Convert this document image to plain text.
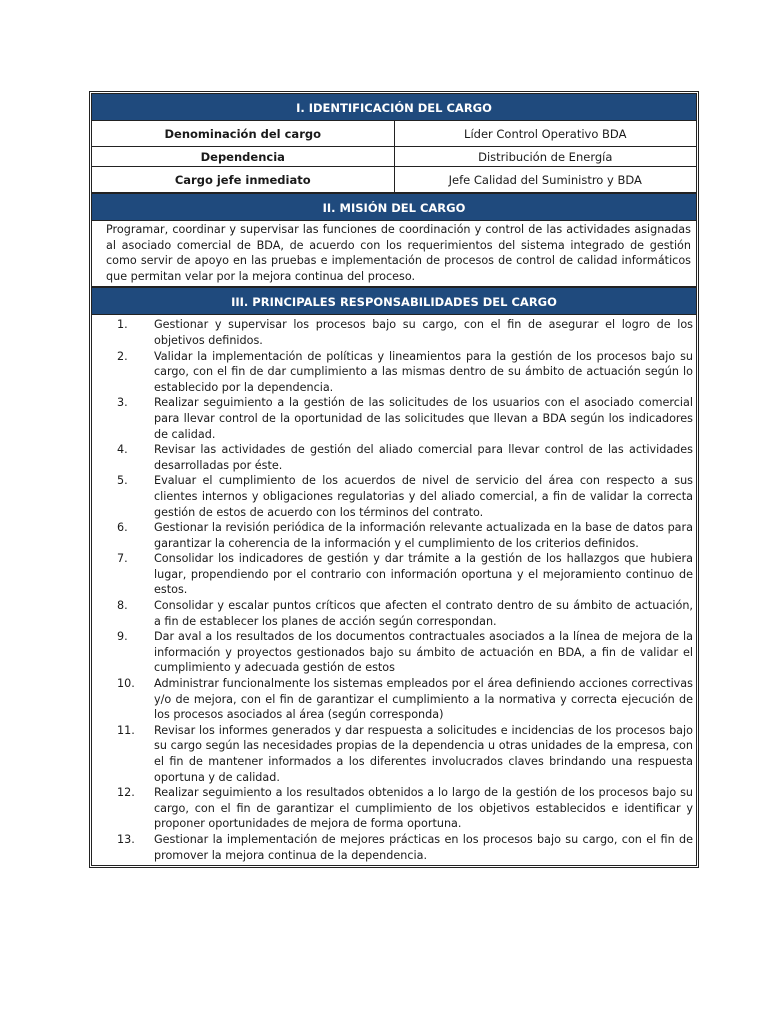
I. IDENTIFICACIÓN DEL CARGO
Denominación del cargo	Líder Control Operativo BDA
Dependencia	Distribución de Energía
Cargo jefe inmediato	Jefe Calidad del Suministro y BDA
II. MISIÓN DEL CARGO
Programar, coordinar y supervisar las funciones de coordinación y control de las actividades asignadas al asociado comercial de BDA, de acuerdo con los requerimientos del sistema integrado de gestión como servir de apoyo en las pruebas e implementación de procesos de control de calidad informáticos que permitan velar por la mejora continua del proceso.
III. PRINCIPALES RESPONSABILIDADES DEL CARGO
1.	Gestionar y supervisar los procesos bajo su cargo, con el fin de asegurar el logro de los objetivos definidos.
2.	Validar la implementación de políticas y lineamientos para la gestión de los procesos bajo su cargo, con el fin de dar cumplimiento a las mismas dentro de su ámbito de actuación según lo establecido por la dependencia.
3.	Realizar seguimiento a la gestión de las solicitudes de los usuarios con el asociado comercial para llevar control de la oportunidad de las solicitudes que llevan a BDA según los indicadores de calidad.
4.	Revisar las actividades de gestión del aliado comercial para llevar control de las actividades desarrolladas por éste.
5.	Evaluar el cumplimiento de los acuerdos de nivel de servicio del área con respecto a sus clientes internos y obligaciones regulatorias y del aliado comercial, a fin de validar la correcta gestión de estos de acuerdo con los términos del contrato.
6.	Gestionar la revisión periódica de la información relevante actualizada en la base de datos para garantizar la coherencia de la información y el cumplimiento de los criterios definidos.
7.	Consolidar los indicadores de gestión y dar trámite a la gestión de los hallazgos que hubiera lugar, propendiendo por el contrario con información oportuna y el mejoramiento continuo de estos.
8.	Consolidar y escalar puntos críticos que afecten el contrato dentro de su ámbito de actuación, a fin de establecer los planes de acción según correspondan.
9.	Dar aval a los resultados de los documentos contractuales asociados a la línea de mejora de la información y proyectos gestionados bajo su ámbito de actuación en BDA, a fin de validar el cumplimiento y adecuada gestión de estos
10.	Administrar funcionalmente los sistemas empleados por el área definiendo acciones correctivas y/o de mejora, con el fin de garantizar el cumplimiento a la normativa y correcta ejecución de los procesos asociados al área (según corresponda)
11.	Revisar los informes generados y dar respuesta a solicitudes e incidencias de los procesos bajo su cargo según las necesidades propias de la dependencia u otras unidades de la empresa, con el fin de mantener informados a los diferentes involucrados claves brindando una respuesta oportuna y de calidad.
12.	Realizar seguimiento a los resultados obtenidos a lo largo de la gestión de los procesos bajo su cargo, con el fin de garantizar el cumplimiento de los objetivos establecidos e identificar y proponer oportunidades de mejora de forma oportuna.
13.	Gestionar la implementación de mejores prácticas en los procesos bajo su cargo, con el fin de promover la mejora continua de la dependencia.
